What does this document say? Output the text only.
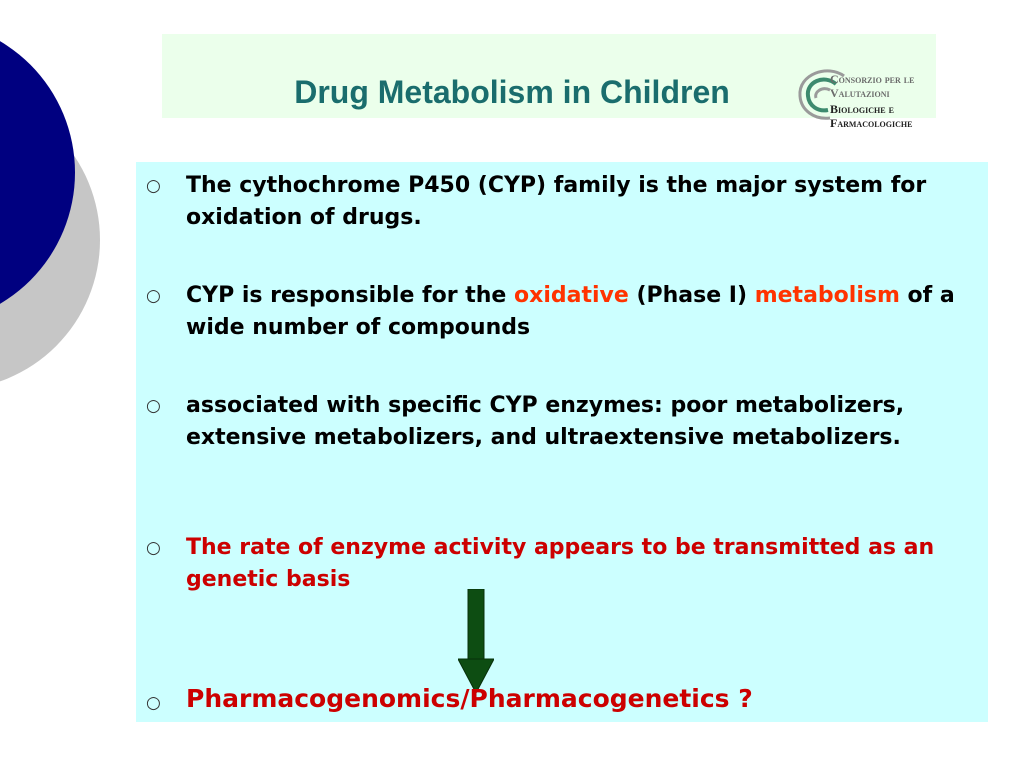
Drug Metabolism in Children	Consorzio per le
Valutazioni
Biologiche e
Farmacologiche
○ The cythochrome P450 (CYP) family is the major system for oxidation of drugs.
○ CYP is responsible for the oxidative (Phase I) metabolism of a wide number of compounds
○ associated with specific CYP enzymes: poor metabolizers, extensive metabolizers, and ultraextensive metabolizers.
○ The rate of enzyme activity appears to be transmitted as an genetic basis
○ Pharmacogenomics/Pharmacogenetics ?
